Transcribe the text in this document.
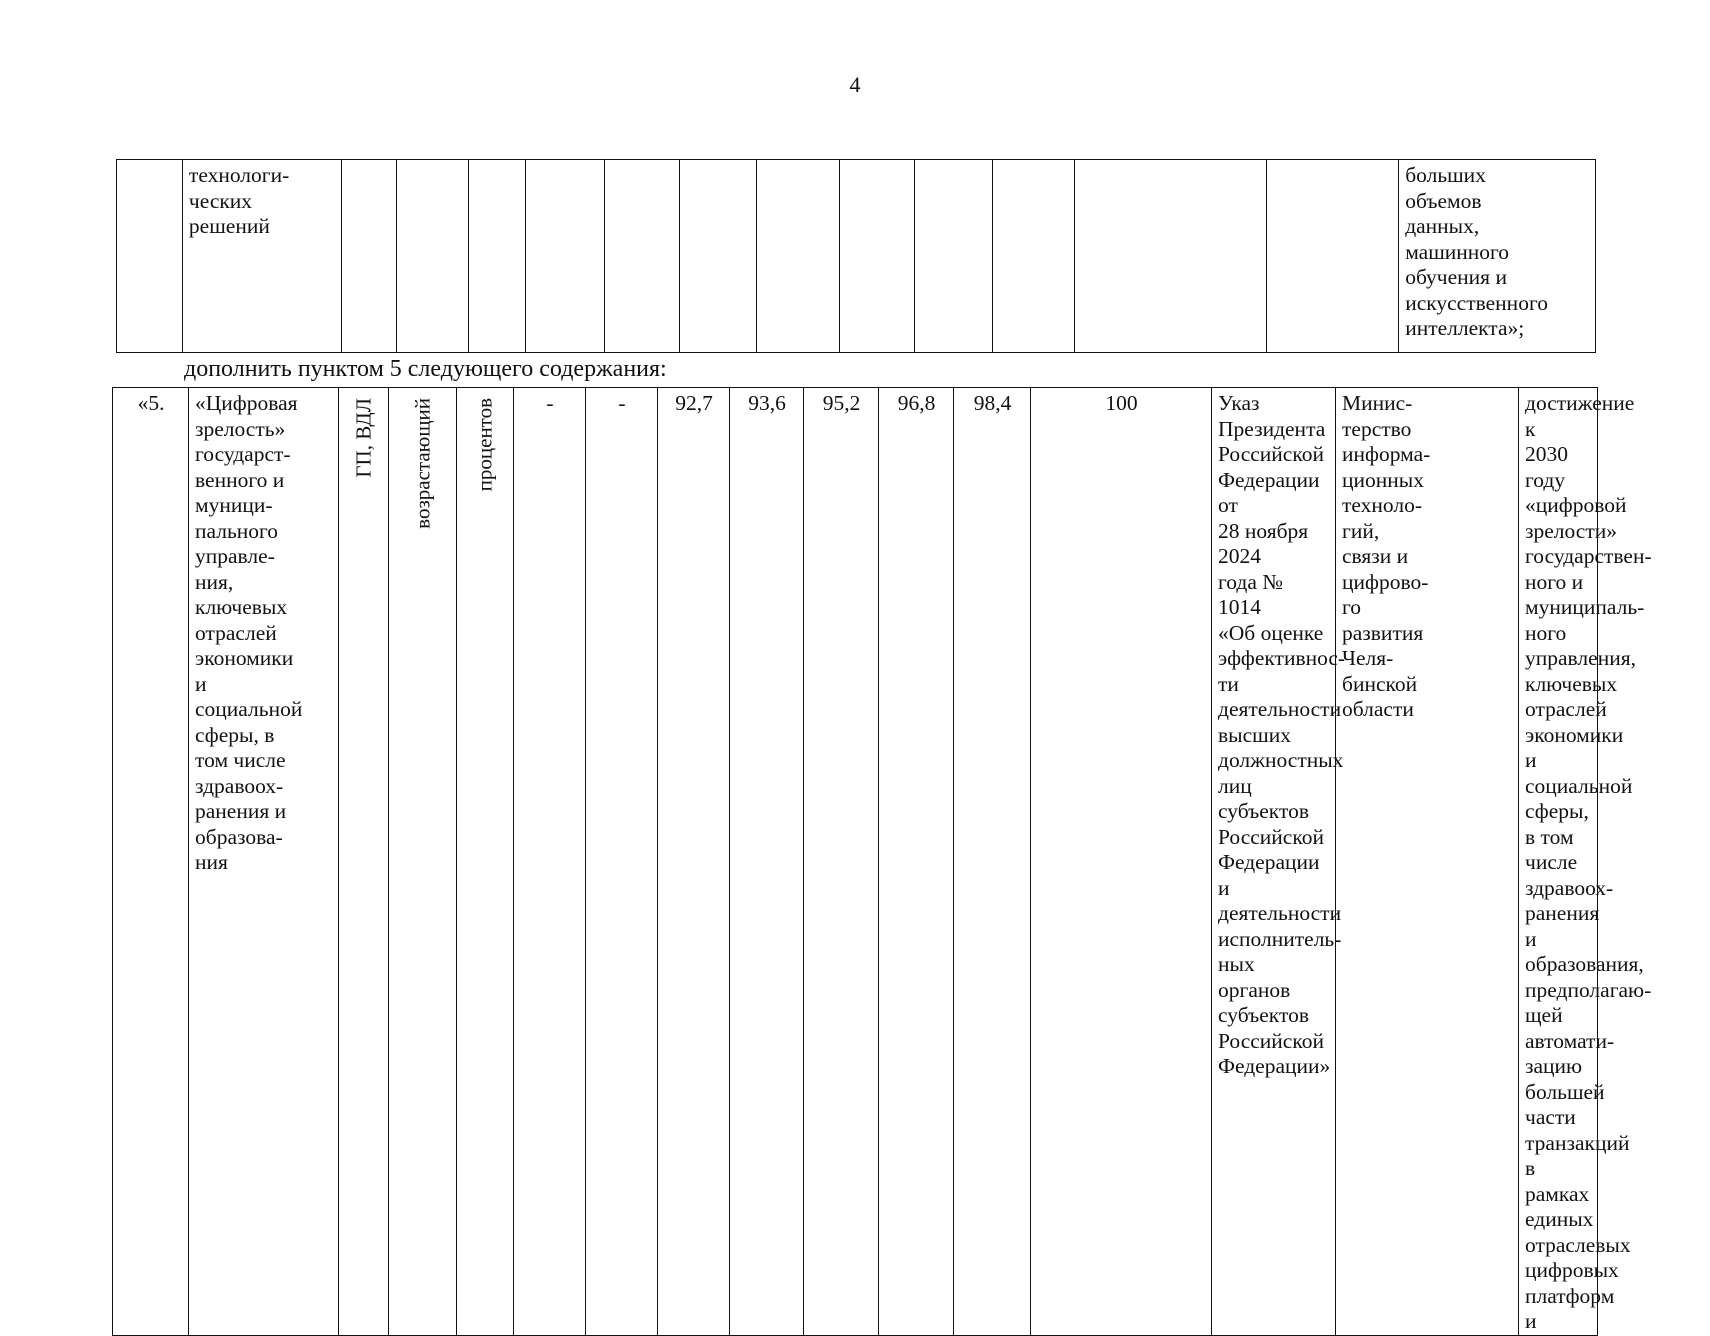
4
	технологи-
ческих
решений													больших
объемов
данных,
машинного
обучения и
искусственного
интеллекта»;
дополнить пунктом 5 следующего содержания:
«5.	«Цифровая
зрелость»
государст-
венного и
муници-
пального
управле-
ния,
ключевых
отраслей
экономики
и
социальной
сферы, в
том числе
здравоох-
ранения и
образова-
ния	
ГП, ВДЛ	возрастающий	процентов	-	-	92,7	93,6	95,2	96,8	98,4	100	Указ
Президента
Российской
Федерации от
28 ноября 2024
года № 1014
«Об оценке
эффективнос-
ти
деятельности
высших
должностных
лиц субъектов
Российской
Федерации и
деятельности
исполнитель-
ных органов
субъектов
Российской
Федерации»	Минис-
терство
информа-
ционных
техноло-
гий,
связи и
цифрово-
го
развития
Челя-
бинской
области	достижение к
2030 году
«цифровой
зрелости»
государствен-
ного и
муниципаль-
ного
управления,
ключевых
отраслей
экономики и
социальной
сферы, в том
числе здравоох-
ранения и
образования,
предполагаю-
щей автомати-
зацию большей
части
транзакций в
рамках единых
отраслевых
цифровых
платформ и
